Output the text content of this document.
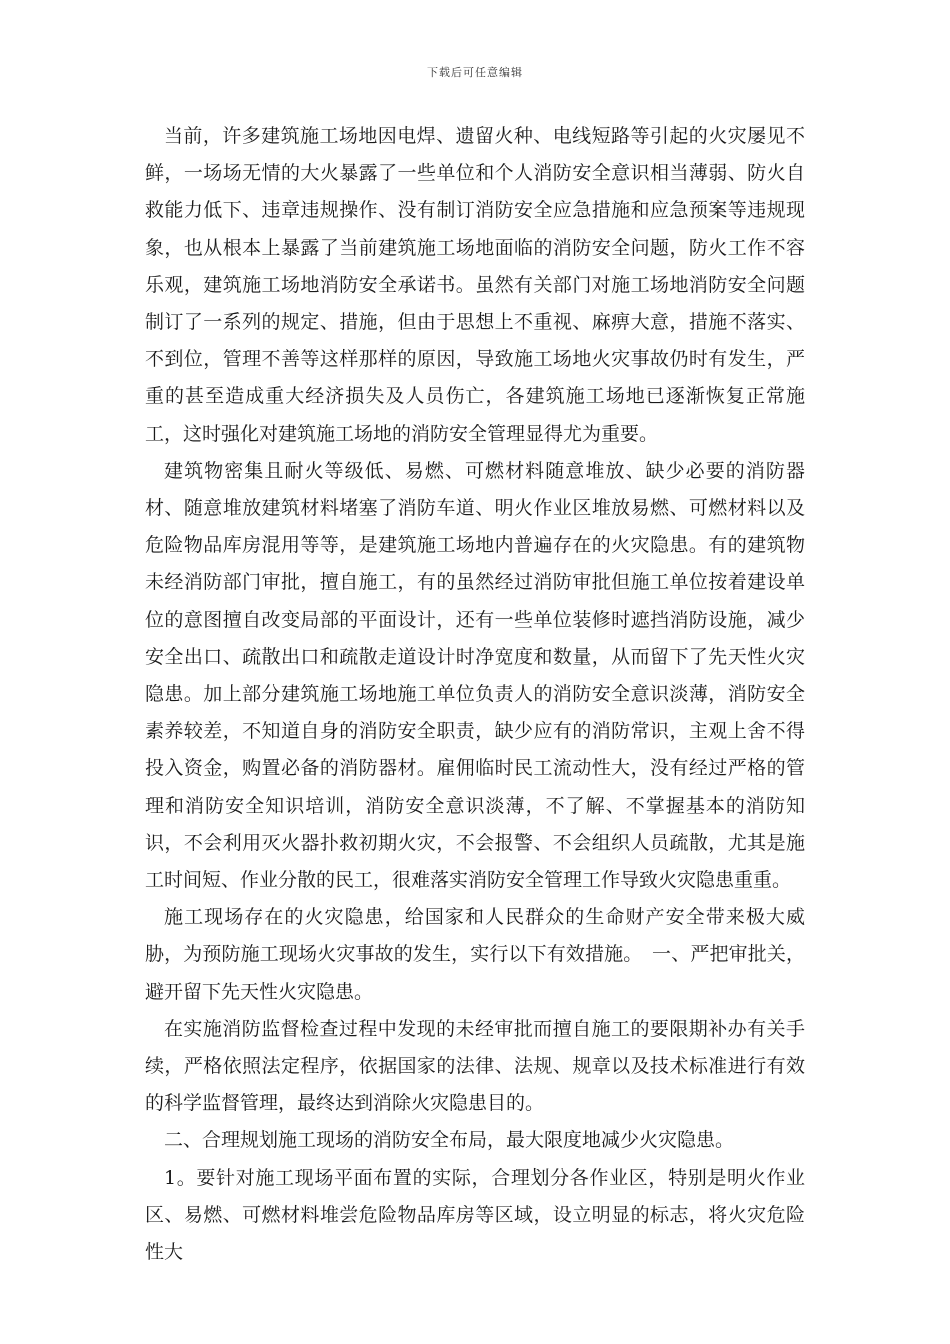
下载后可任意编辑

当前，许多建筑施工场地因电焊、遗留火种、电线短路等引起的火灾屡见不鲜，一场场无情的大火暴露了一些单位和个人消防安全意识相当薄弱、防火自救能力低下、违章违规操作、没有制订消防安全应急措施和应急预案等违规现象，也从根本上暴露了当前建筑施工场地面临的消防安全问题，防火工作不容乐观，建筑施工场地消防安全承诺书。虽然有关部门对施工场地消防安全问题制订了一系列的规定、措施，但由于思想上不重视、麻痹大意，措施不落实、不到位，管理不善等这样那样的原因，导致施工场地火灾事故仍时有发生，严重的甚至造成重大经济损失及人员伤亡，各建筑施工场地已逐渐恢复正常施工，这时强化对建筑施工场地的消防安全管理显得尤为重要。

建筑物密集且耐火等级低、易燃、可燃材料随意堆放、缺少必要的消防器材、随意堆放建筑材料堵塞了消防车道、明火作业区堆放易燃、可燃材料以及危险物品库房混用等等，是建筑施工场地内普遍存在的火灾隐患。有的建筑物未经消防部门审批，擅自施工，有的虽然经过消防审批但施工单位按着建设单位的意图擅自改变局部的平面设计，还有一些单位装修时遮挡消防设施，减少安全出口、疏散出口和疏散走道设计时净宽度和数量，从而留下了先天性火灾隐患。加上部分建筑施工场地施工单位负责人的消防安全意识淡薄，消防安全素养较差，不知道自身的消防安全职责，缺少应有的消防常识，主观上舍不得投入资金，购置必备的消防器材。雇佣临时民工流动性大，没有经过严格的管理和消防安全知识培训，消防安全意识淡薄，不了解、不掌握基本的消防知识，不会利用灭火器扑救初期火灾，不会报警、不会组织人员疏散，尤其是施工时间短、作业分散的民工，很难落实消防安全管理工作导致火灾隐患重重。

施工现场存在的火灾隐患，给国家和人民群众的生命财产安全带来极大威胁，为预防施工现场火灾事故的发生，实行以下有效措施。　一、严把审批关，避开留下先天性火灾隐患。

在实施消防监督检查过程中发现的未经审批而擅自施工的要限期补办有关手续，严格依照法定程序，依据国家的法律、法规、规章以及技术标准进行有效的科学监督管理，最终达到消除火灾隐患目的。

二、合理规划施工现场的消防安全布局，最大限度地减少火灾隐患。

1。要针对施工现场平面布置的实际，合理划分各作业区，特别是明火作业区、易燃、可燃材料堆尝危险物品库房等区域，设立明显的标志，将火灾危险性大
